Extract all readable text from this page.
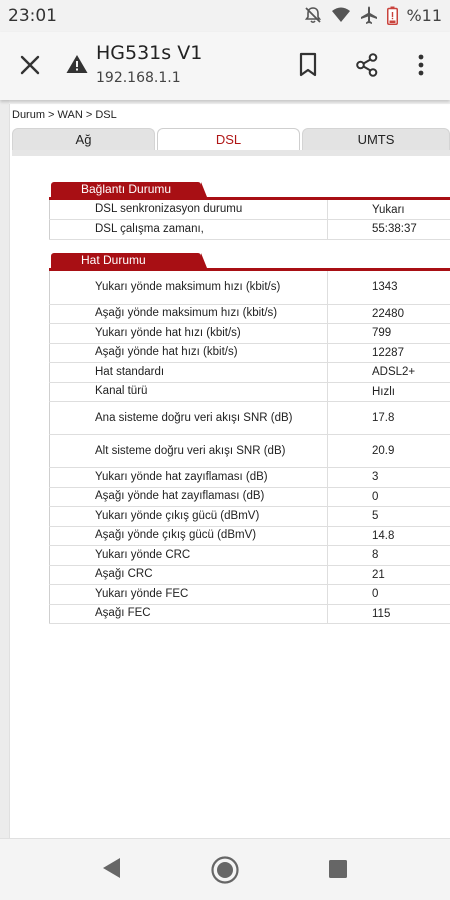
23:01	%11
HG531s V1
192.168.1.1
Durum > WAN > DSL
Ağ	DSL	UMTS
Bağlantı Durumu
DSL senkronizasyon durumu	Yukarı
DSL çalışma zamanı,	55:38:37
Hat Durumu
Yukarı yönde maksimum hızı (kbit/s)	1343
Aşağı yönde maksimum hızı (kbit/s)	22480
Yukarı yönde hat hızı (kbit/s)	799
Aşağı yönde hat hızı (kbit/s)	12287
Hat standardı	ADSL2+
Kanal türü	Hızlı
Ana sisteme doğru veri akışı SNR (dB)	17.8
Alt sisteme doğru veri akışı SNR (dB)	20.9
Yukarı yönde hat zayıflaması (dB)	3
Aşağı yönde hat zayıflaması (dB)	0
Yukarı yönde çıkış gücü (dBmV)	5
Aşağı yönde çıkış gücü (dBmV)	14.8
Yukarı yönde CRC	8
Aşağı CRC	21
Yukarı yönde FEC	0
Aşağı FEC	115
